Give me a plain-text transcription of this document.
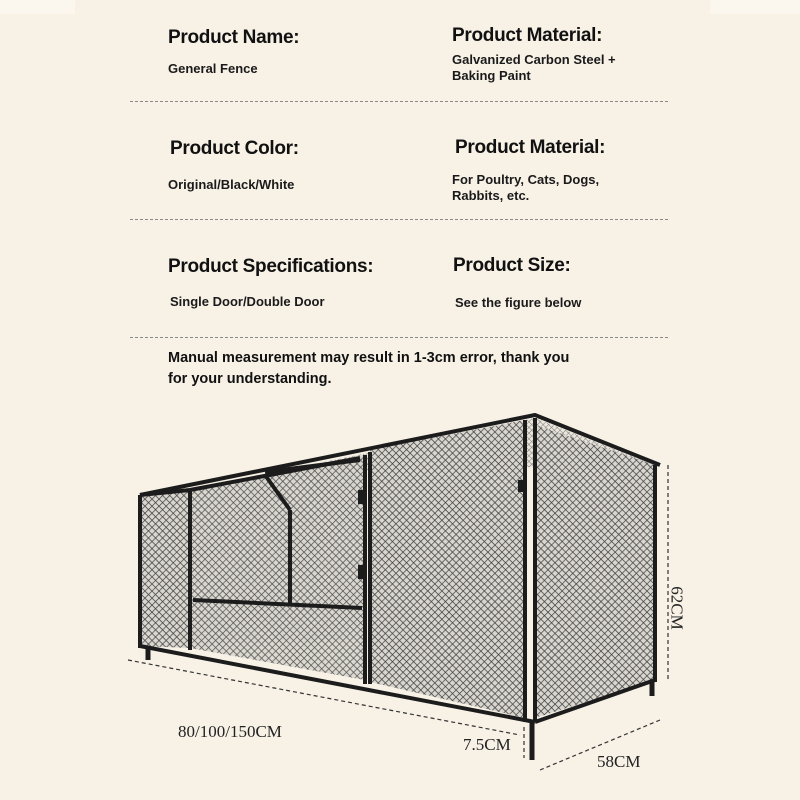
Product Name:
General Fence
Product Material:
Galvanized Carbon Steel +
Baking Paint
Product Color:
Original/Black/White
Product Material:
For Poultry, Cats, Dogs,
Rabbits, etc.
Product Specifications:
Single Door/Double Door
Product Size:
See the figure below
Manual measurement may result in 1-3cm error, thank you
for your understanding.
80/100/150CM
7.5CM
58CM
62CM
